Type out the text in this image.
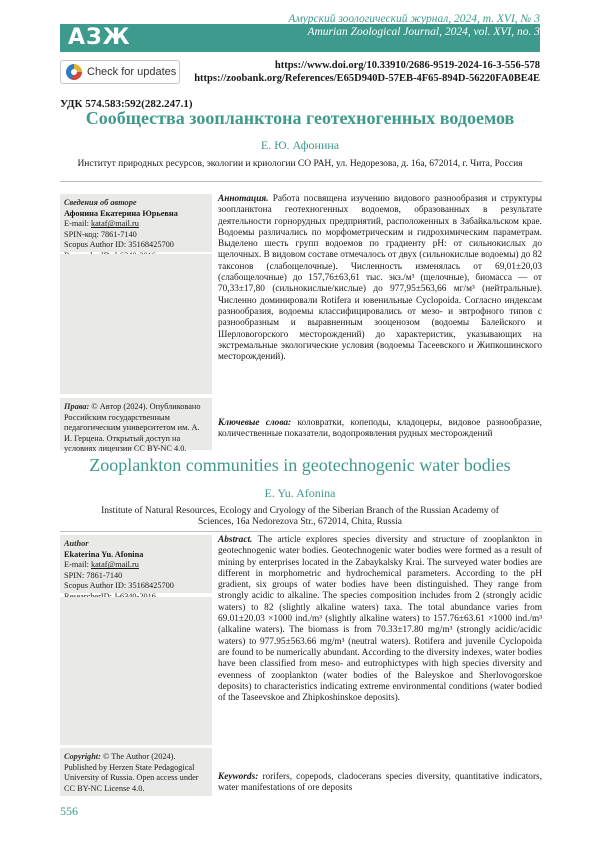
АЗЖ
Амурский зоологический журнал, 2024, т. XVI, № 3
Amurian Zoological Journal, 2024, vol. XVI, no. 3
www.azjournal.ru
Check for updates
https://www.doi.org/10.33910/2686-9519-2024-16-3-556-578
https://zoobank.org/References/E65D940D-57EB-4F65-894D-56220FA0BE4E
УДК 574.583:592(282.247.1)
Сообщества зоопланктона геотехногенных водоемов
Е. Ю. Афонина
Институт природных ресурсов, экологии и криологии СО РАН, ул. Недорезова, д. 16а, 672014, г. Чита, Россия
Сведения об авторе
Афонина Екатерина Юрьевна
E-mail: kataf@mail.ru
SPIN-код: 7861-7140
Scopus Author ID: 35168425700
Права: © Автор (2024). Опубликовано Российским государственным педагогическим университетом им. А. И. Герцена. Открытый доступ на условиях лицензии CC BY-NC 4.0.
Аннотация. Работа посвящена изучению видового разнообразия и структуры зоопланктона геотехногенных водоемов, образованных в результате деятельности горнорудных предприятий, расположенных в Забайкальском крае. Водоемы различались по морфометрическим и гидрохимическим параметрам. Выделено шесть групп водоемов по градиенту pH: от сильнокислых до щелочных. В видовом составе отмечалось от двух (сильнокислые водоемы) до 82 таксонов (слабощелочные). Численность изменялась от 69,01±20,03 (слабощелочные) до 157,76±63,61 тыс. экз./м³ (щелочные), биомасса — от 70,33±17,80 (сильнокислые/кислые) до 977,95±563,66 мг/м³ (нейтральные). Численно доминировали Rotifera и ювенильные Cyclopoida. Согласно индексам разнообразия, водоемы классифицировались от мезо- и эвтрофного типов с разнообразным и выравненным зооценозом (водоемы Балейского и Шерловогорского месторождений) до характеристик, указывающих на экстремальные экологические условия (водоемы Тасеевского и Жипкошинского месторождений).
Ключевые слова: коловратки, копеподы, кладоцеры, видовое разнообразие, количественные показатели, водопроявления рудных месторождений
Zooplankton communities in geotechnogenic water bodies
E. Yu. Afonina
Institute of Natural Resources, Ecology and Cryology of the Siberian Branch of the Russian Academy of Sciences, 16a Nedorezova Str., 672014, Chita, Russia
Author
Ekaterina Yu. Afonina
E-mail: kataf@mail.ru
SPIN: 7861-7140
Scopus Author ID: 35168425700
Copyright: © The Author (2024). Published by Herzen State Pedagogical University of Russia. Open access under CC BY-NC License 4.0.
Abstract. The article explores species diversity and structure of zooplankton in geotechnogenic water bodies. Geotechnogenic water bodies were formed as a result of mining by enterprises located in the Zabaykalsky Krai. The surveyed water bodies are different in morphometric and hydrochemical parameters. According to the pH gradient, six groups of water bodies have been distinguished. They range from strongly acidic to alkaline. The species composition includes from 2 (strongly acidic waters) to 82 (slightly alkaline waters) taxa. The total abundance varies from 69.01±20.03 ×1000 ind./m³ (slightly alkaline waters) to 157.76±63.61 ×1000 ind./m³ (alkaline waters). The biomass is from 70.33±17.80 mg/m³ (strongly acidic/acidic waters) to 977.95±563.66 mg/m³ (neutral waters). Rotifera and juvenile Cyclopoida are found to be numerically abundant. According to the diversity indexes, water bodies have been classified from meso- and eutrophictypes with high species diversity and evenness of zooplankton (water bodies of the Baleyskoe and Sherlovogorskoe deposits) to characteristics indicating extreme environmental conditions (water bodied of the Taseevskoe and Zhipkoshinskoe deposits).
Keywords: rorifers, copepods, cladocerans species diversity, quantitative indicators, water manifestations of ore deposits
556
